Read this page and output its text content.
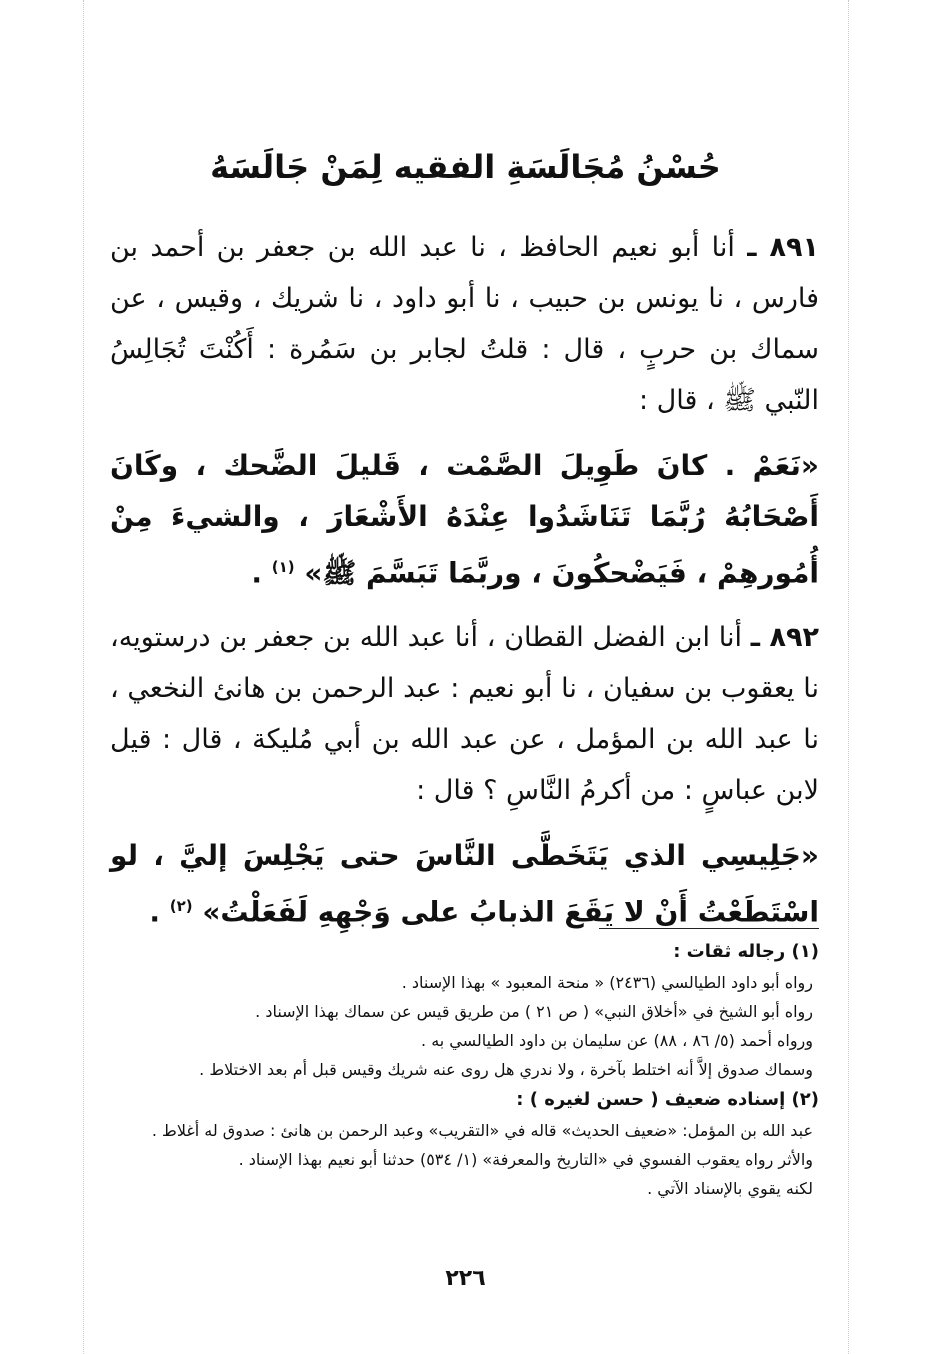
حُسْنُ مُجَالَسَةِ الفقيه لِمَنْ جَالَسَهُ

٨٩١ ـ أنا أبو نعيم الحافظ ، نا عبد الله بن جعفر بن أحمد بن فارس ، نا يونس بن حبيب ، نا أبو داود ، نا شريك ، وقيس ، عن سماك بن حربٍ ، قال : قلتُ لجابر بن سَمُرة : أَكُنْتَ تُجَالِسُ النّبي ﷺ ، قال :

«نَعَمْ . كانَ طَوِيلَ الصَّمْت ، قَليلَ الضَّحك ، وكَانَ أَصْحَابُهُ رُبَّمَا تَنَاشَدُوا عِنْدَهُ الأَشْعَارَ ، والشيءَ مِنْ أُمُورهِمْ ، فَيَضْحكُونَ ، وربَّمَا تَبَسَّمَ ﷺ» $^{(١)}$ .

٨٩٢ ـ أنا ابن الفضل القطان ، أنا عبد الله بن جعفر بن درستويه، نا يعقوب بن سفيان ، نا أبو نعيم : عبد الرحمن بن هانئ النخعي ، نا عبد الله بن المؤمل ، عن عبد الله بن أبي مُليكة ، قال : قيل لابن عباسٍ : من أكرمُ النَّاسِ ؟ قال :

«جَلِيسِي الذي يَتَخَطَّى النَّاسَ حتى يَجْلِسَ إليَّ ، لو اسْتَطَعْتُ أَنْ لا يَقَعَ الذبابُ على وَجْهِهِ لَفَعَلْتُ» $^{(٢)}$ .

(١) رجاله ثقات :
رواه أبو داود الطيالسي (٢٤٣٦) « منحة المعبود » بهذا الإسناد .
رواه أبو الشيخ في «أخلاق النبي» ( ص ٢١ ) من طريق قيس عن سماك بهذا الإسناد .
ورواه أحمد (٥/ ٨٦ ، ٨٨) عن سليمان بن داود الطيالسي به .
وسماك صدوق إلاَّ أنه اختلط بآخرة ، ولا ندري هل روى عنه شريك وقيس قبل أم بعد الاختلاط .
(٢) إسناده ضعيف ( حسن لغيره ) :
عبد الله بن المؤمل: «ضعيف الحديث» قاله في «التقريب» وعبد الرحمن بن هانئ : صدوق له أغلاط .
والأثر رواه يعقوب الفسوي في «التاريخ والمعرفة» (١/ ٥٣٤) حدثنا أبو نعيم بهذا الإسناد .
لكنه يقوي بالإسناد الآتي .
٢٢٦
